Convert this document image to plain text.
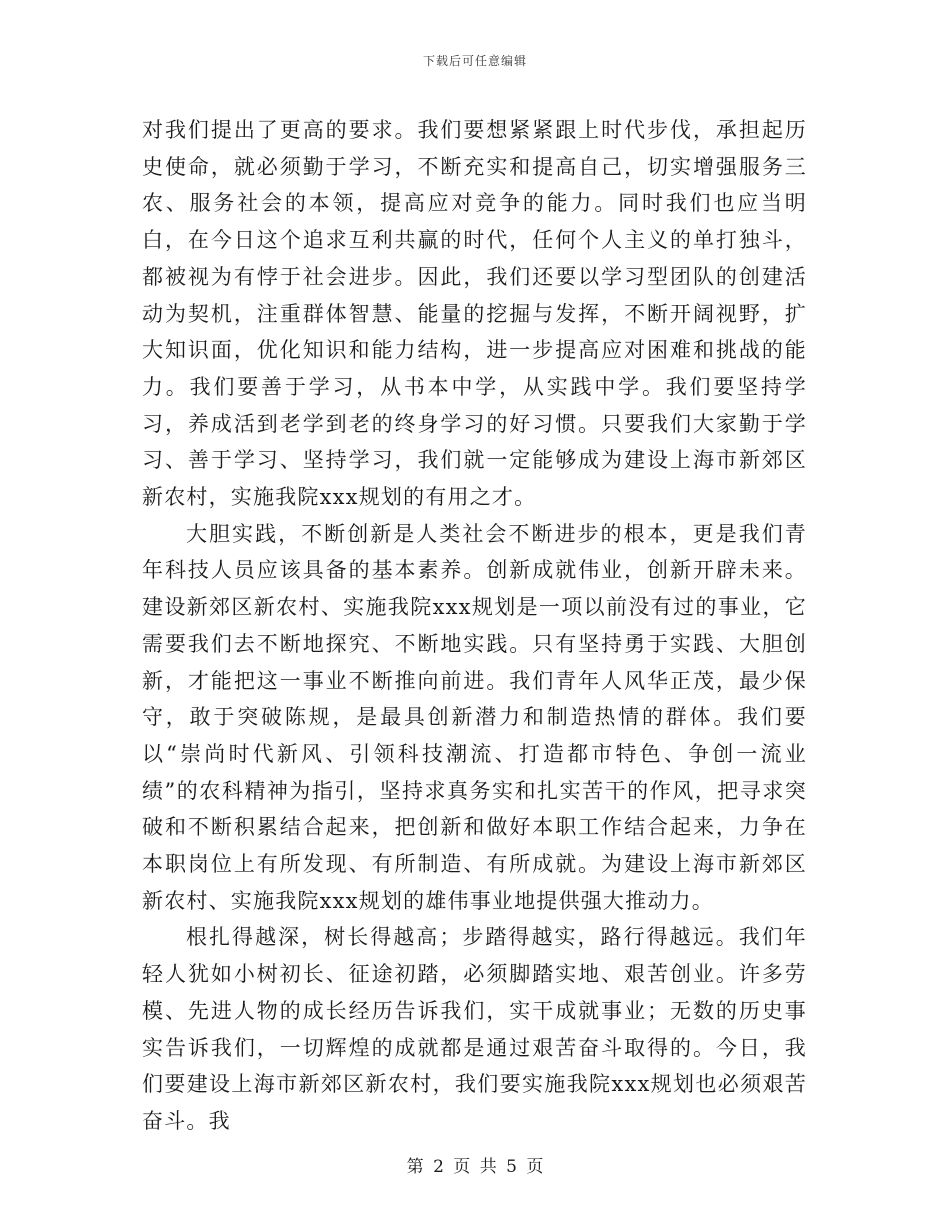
下载后可任意编辑

对我们提出了更高的要求。我们要想紧紧跟上时代步伐，承担起历史使命，就必须勤于学习，不断充实和提高自己，切实增强服务三农、服务社会的本领，提高应对竞争的能力。同时我们也应当明白，在今日这个追求互利共赢的时代，任何个人主义的单打独斗，都被视为有悖于社会进步。因此，我们还要以学习型团队的创建活动为契机，注重群体智慧、能量的挖掘与发挥，不断开阔视野，扩大知识面，优化知识和能力结构，进一步提高应对困难和挑战的能力。我们要善于学习，从书本中学，从实践中学。我们要坚持学习，养成活到老学到老的终身学习的好习惯。只要我们大家勤于学习、善于学习、坚持学习，我们就一定能够成为建设上海市新郊区新农村，实施我院xxx规划的有用之才。

大胆实践，不断创新是人类社会不断进步的根本，更是我们青年科技人员应该具备的基本素养。创新成就伟业，创新开辟未来。建设新郊区新农村、实施我院xxx规划是一项以前没有过的事业，它需要我们去不断地探究、不断地实践。只有坚持勇于实践、大胆创新，才能把这一事业不断推向前进。我们青年人风华正茂，最少保守，敢于突破陈规，是最具创新潜力和制造热情的群体。我们要以“崇尚时代新风、引领科技潮流、打造都市特色、争创一流业绩”的农科精神为指引，坚持求真务实和扎实苦干的作风，把寻求突破和不断积累结合起来，把创新和做好本职工作结合起来，力争在本职岗位上有所发现、有所制造、有所成就。为建设上海市新郊区新农村、实施我院xxx规划的雄伟事业地提供强大推动力。

根扎得越深，树长得越高；步踏得越实，路行得越远。我们年轻人犹如小树初长、征途初踏，必须脚踏实地、艰苦创业。许多劳模、先进人物的成长经历告诉我们，实干成就事业；无数的历史事实告诉我们，一切辉煌的成就都是通过艰苦奋斗取得的。今日，我们要建设上海市新郊区新农村，我们要实施我院xxx规划也必须艰苦奋斗。我

第 2 页 共 5 页
